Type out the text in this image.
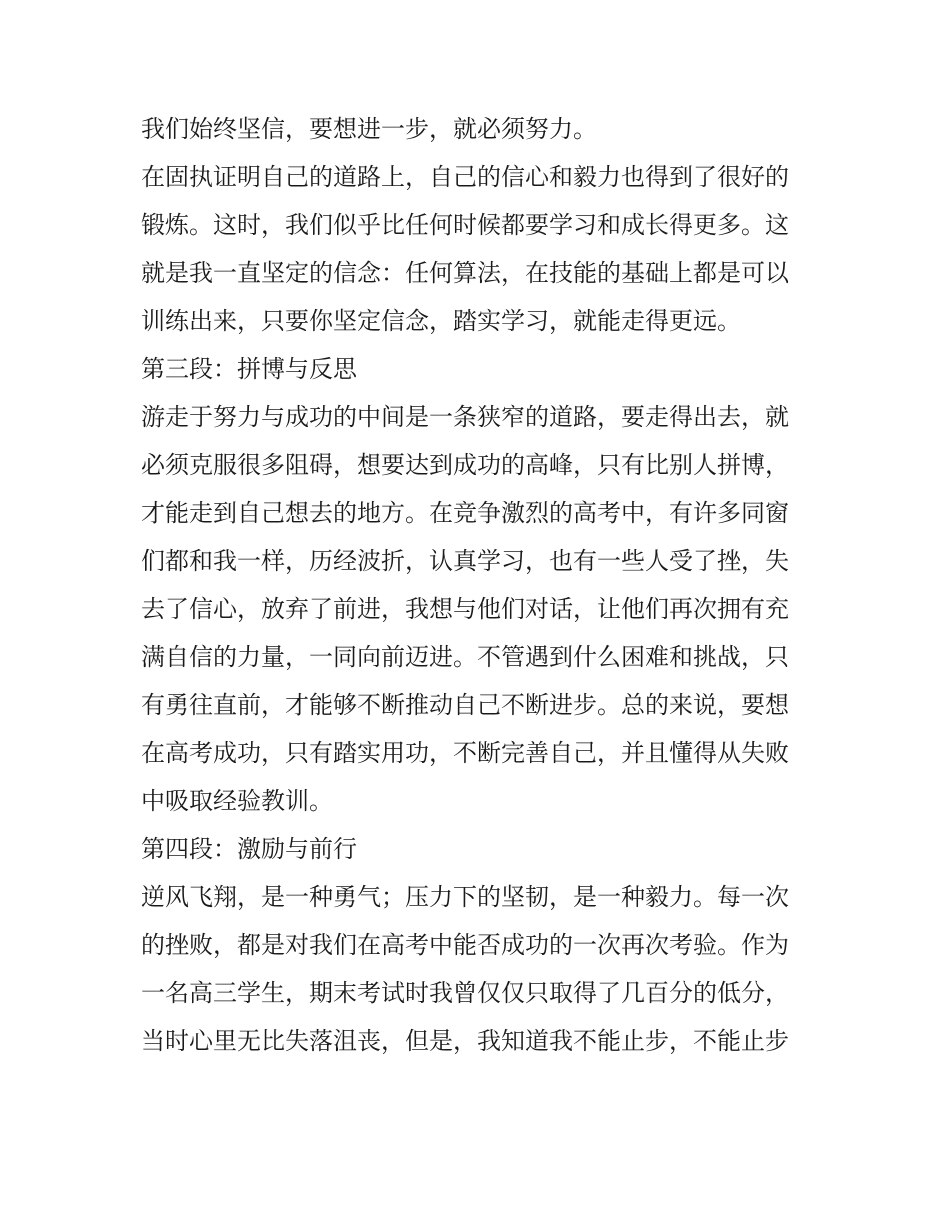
我们始终坚信，要想进一步，就必须努力。
在固执证明自己的道路上，自己的信心和毅力也得到了很好的
锻炼。这时，我们似乎比任何时候都要学习和成长得更多。这
就是我一直坚定的信念：任何算法，在技能的基础上都是可以
训练出来，只要你坚定信念，踏实学习，就能走得更远。
第三段：拼博与反思
游走于努力与成功的中间是一条狭窄的道路，要走得出去，就
必须克服很多阻碍，想要达到成功的高峰，只有比别人拼博，
才能走到自己想去的地方。在竞争激烈的高考中，有许多同窗
们都和我一样，历经波折，认真学习，也有一些人受了挫，失
去了信心，放弃了前进，我想与他们对话，让他们再次拥有充
满自信的力量，一同向前迈进。不管遇到什么困难和挑战，只
有勇往直前，才能够不断推动自己不断进步。总的来说，要想
在高考成功，只有踏实用功，不断完善自己，并且懂得从失败
中吸取经验教训。
第四段：激励与前行
逆风飞翔，是一种勇气；压力下的坚韧，是一种毅力。每一次
的挫败，都是对我们在高考中能否成功的一次再次考验。作为
一名高三学生，期末考试时我曾仅仅只取得了几百分的低分，
当时心里无比失落沮丧，但是，我知道我不能止步，不能止步
